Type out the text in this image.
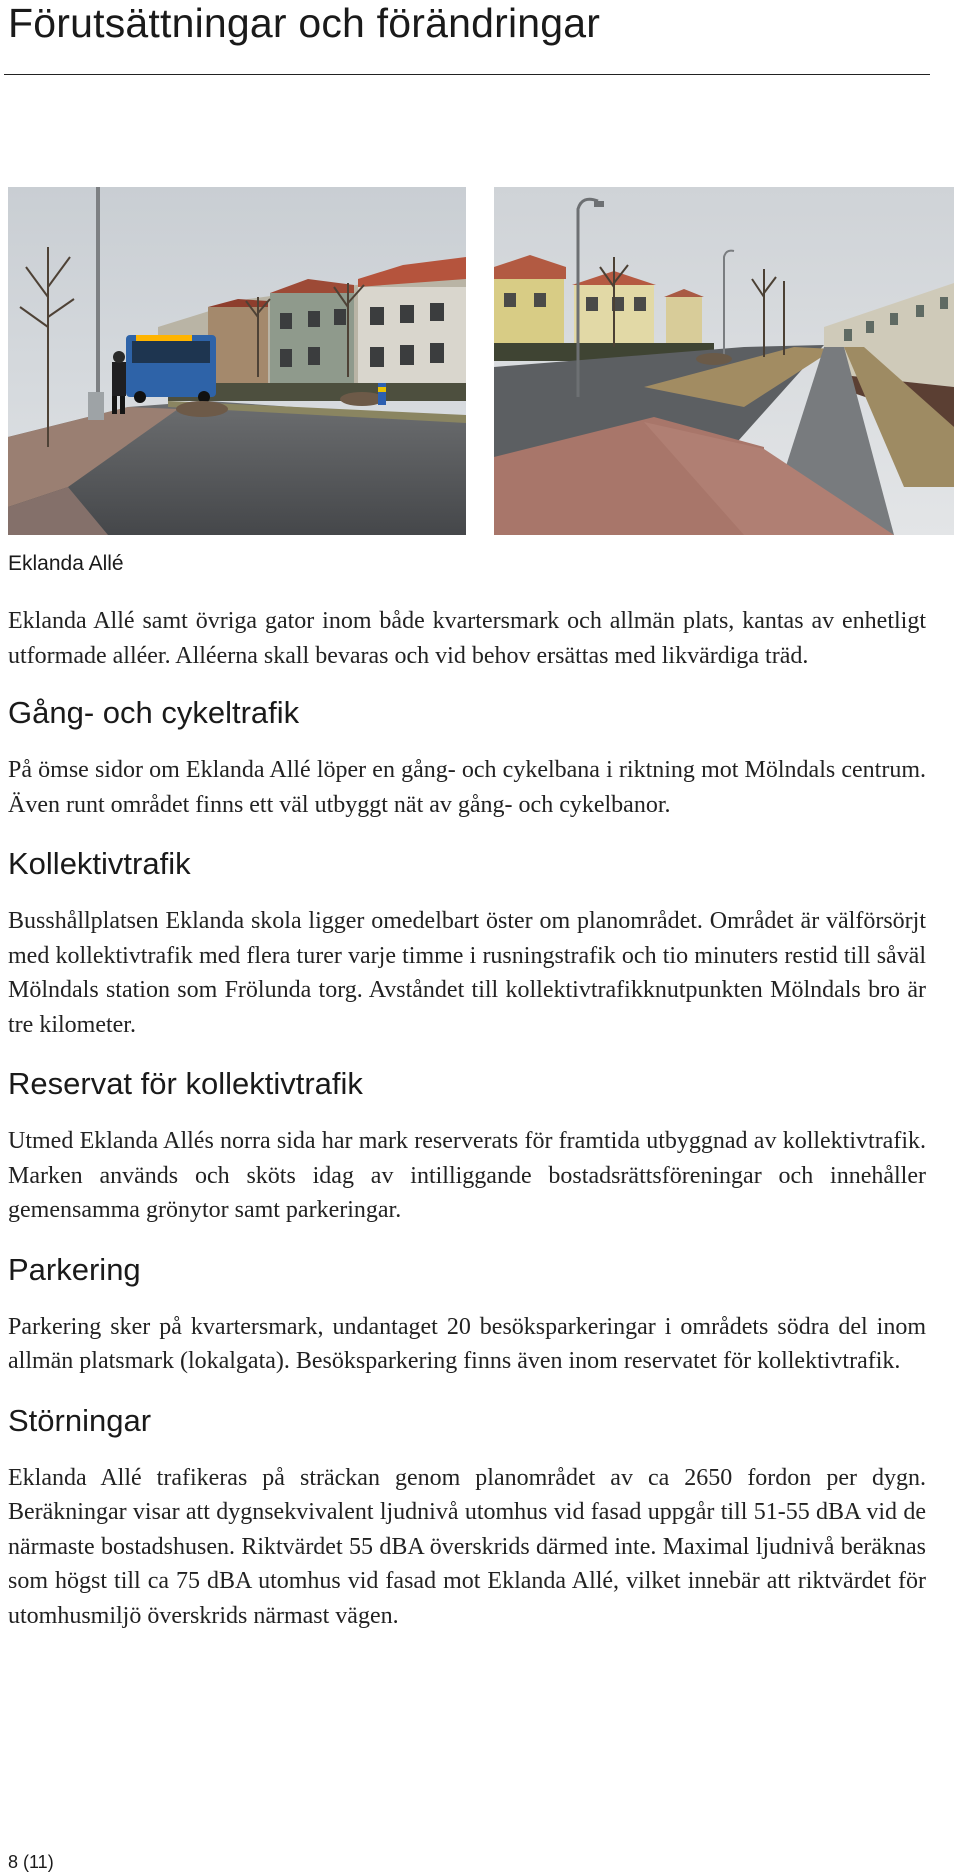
Förutsättningar och förändringar

Eklanda Allé

Eklanda Allé samt övriga gator inom både kvartersmark och allmän plats, kantas av enhetligt utformade alléer. Alléerna skall bevaras och vid behov ersättas med likvärdiga träd.

Gång- och cykeltrafik

På ömse sidor om Eklanda Allé löper en gång- och cykelbana i riktning mot Mölndals centrum. Även runt området finns ett väl utbyggt nät av gång- och cykelbanor.

Kollektivtrafik

Busshållplatsen Eklanda skola ligger omedelbart öster om planområdet. Området är välförsörjt med kollektivtrafik med flera turer varje timme i rusningstrafik och tio minuters restid till såväl Mölndals station som Frölunda torg. Avståndet till kollektivtrafikknutpunkten Mölndals bro är tre kilometer.

Reservat för kollektivtrafik

Utmed Eklanda Allés norra sida har mark reserverats för framtida utbyggnad av kollektivtrafik. Marken används och sköts idag av intilliggande bostadsrättsföreningar och innehåller gemensamma grönytor samt parkeringar.

Parkering

Parkering sker på kvartersmark, undantaget 20 besöksparkeringar i områdets södra del inom allmän platsmark (lokalgata). Besöksparkering finns även inom reservatet för kollektivtrafik.

Störningar

Eklanda Allé trafikeras på sträckan genom planområdet av ca 2650 fordon per dygn. Beräkningar visar att dygnsekvivalent ljudnivå utomhus vid fasad uppgår till 51-55 dBA vid de närmaste bostadshusen. Riktvärdet 55 dBA överskrids därmed inte. Maximal ljudnivå beräknas som högst till ca 75 dBA utomhus vid fasad mot Eklanda Allé, vilket innebär att riktvärdet för utomhusmiljö överskrids närmast vägen.

8 (11)
